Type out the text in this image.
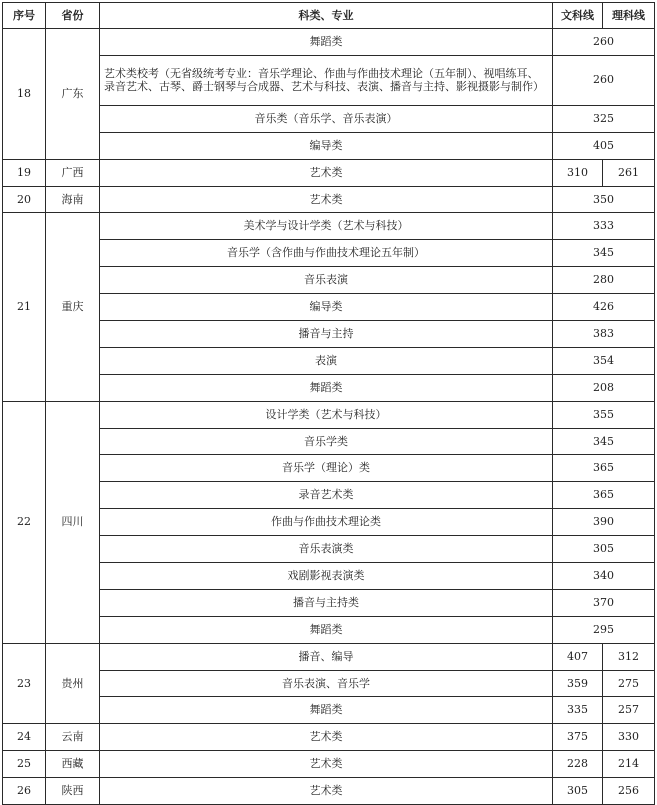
序号	省份	科类、专业	文科线	理科线
18	广东	舞蹈类	260	
		艺术类校考（无省级统考专业：音乐学理论、作曲与作曲技术理论（五年制）、视唱练耳、录音艺术、古琴、爵士钢琴与合成器、艺术与科技、表演、播音与主持、影视摄影与制作）	260	
		音乐类（音乐学、音乐表演）	325	
		编导类	405	
19	广西	艺术类	310	261
20	海南	艺术类	350	
21	重庆	美术学与设计学类（艺术与科技）	333	
		音乐学（含作曲与作曲技术理论五年制）	345	
		音乐表演	280	
		编导类	426	
		播音与主持	383	
		表演	354	
		舞蹈类	208	
22	四川	设计学类（艺术与科技）	355	
		音乐学类	345	
		音乐学（理论）类	365	
		录音艺术类	365	
		作曲与作曲技术理论类	390	
		音乐表演类	305	
		戏剧影视表演类	340	
		播音与主持类	370	
		舞蹈类	295	
23	贵州	播音、编导	407	312
		音乐表演、音乐学	359	275
		舞蹈类	335	257
24	云南	艺术类	375	330
25	西藏	艺术类	228	214
26	陕西	艺术类	305	256
